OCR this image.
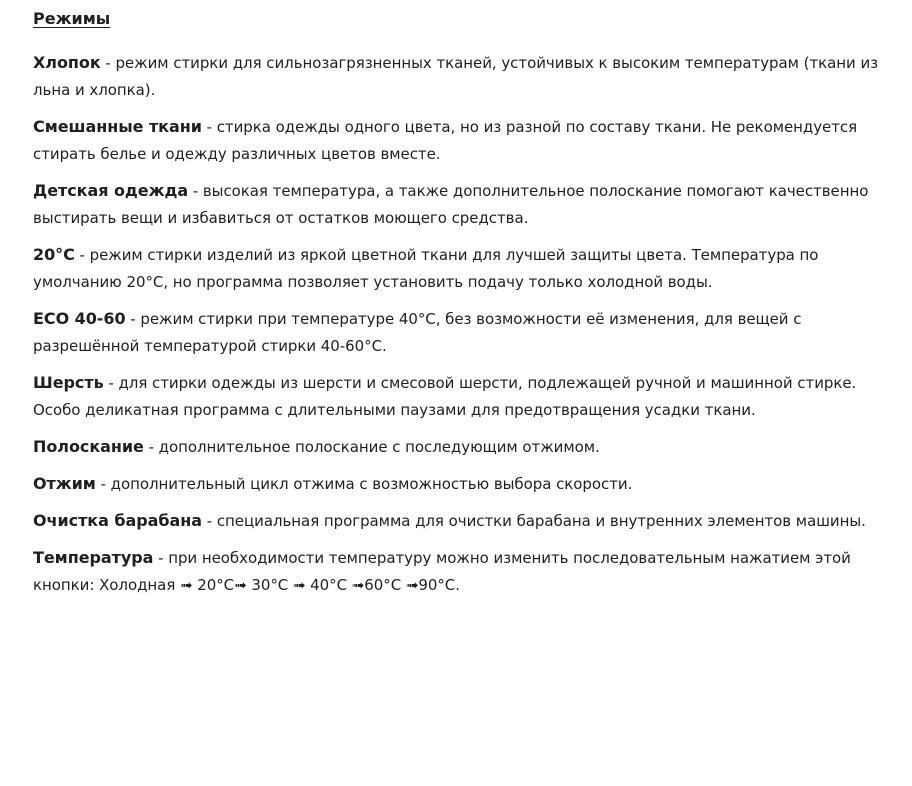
Режимы

Хлопок - режим стирки для сильнозагрязненных тканей, устойчивых к высоким температурам (ткани из льна и хлопка).

Смешанные ткани - стирка одежды одного цвета, но из разной по составу ткани. Не рекомендуется стирать белье и одежду различных цветов вместе.

Детская одежда - высокая температура, а также дополнительное полоскание помогают качественно выстирать вещи и избавиться от остатков моющего средства.

20°C - режим стирки изделий из яркой цветной ткани для лучшей защиты цвета. Температура по умолчанию 20°C, но программа позволяет установить подачу только холодной воды.

ECO 40-60 - режим стирки при температуре 40°C, без возможности её изменения, для вещей с разрешённой температурой стирки 40-60°C.

Шерсть - для стирки одежды из шерсти и смесовой шерсти, подлежащей ручной и машинной стирке. Особо деликатная программа с длительными паузами для предотвращения усадки ткани.

Полоскание - дополнительное полоскание с последующим отжимом.

Отжим - дополнительный цикл отжима с возможностью выбора скорости.

Очистка барабана - специальная программа для очистки барабана и внутренних элементов машины.

Температура - при необходимости температуру можно изменить последовательным нажатием этой кнопки: Холодная ➟ 20°C➟ 30°C ➟ 40°C ➟60°C ➟90°C.
